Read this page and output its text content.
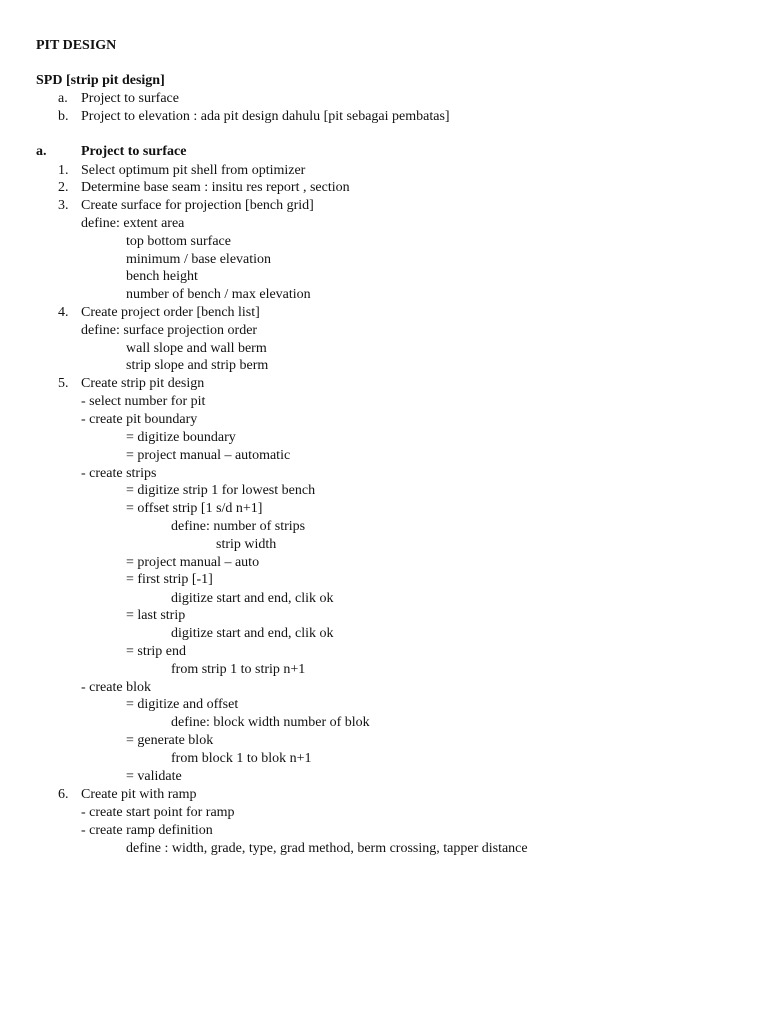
PIT DESIGN
SPD [strip pit design]
a. Project to surface
b. Project to elevation : ada pit design dahulu [pit sebagai pembatas]
a. Project to surface
1. Select optimum pit shell from optimizer
2. Determine base seam : insitu res report , section
3. Create surface for projection [bench grid]
define: extent area
top bottom surface
minimum / base elevation
bench height
number of bench / max elevation
4. Create project order [bench list]
define: surface projection order
wall slope and wall berm
strip slope and strip berm
5. Create strip pit design
- select number for pit
- create pit boundary
= digitize boundary
= project manual – automatic
- create strips
= digitize strip 1 for lowest bench
= offset strip [1 s/d n+1]
define: number of strips
strip width
= project manual – auto
= first strip [-1]
digitize start and end, clik ok
= last strip
digitize start and end, clik ok
= strip end
from strip 1 to strip n+1
- create blok
= digitize and offset
define: block width number of blok
= generate blok
from block 1 to blok n+1
= validate
6. Create pit with ramp
- create start point for ramp
- create ramp definition
define : width, grade, type, grad method, berm crossing, tapper distance
